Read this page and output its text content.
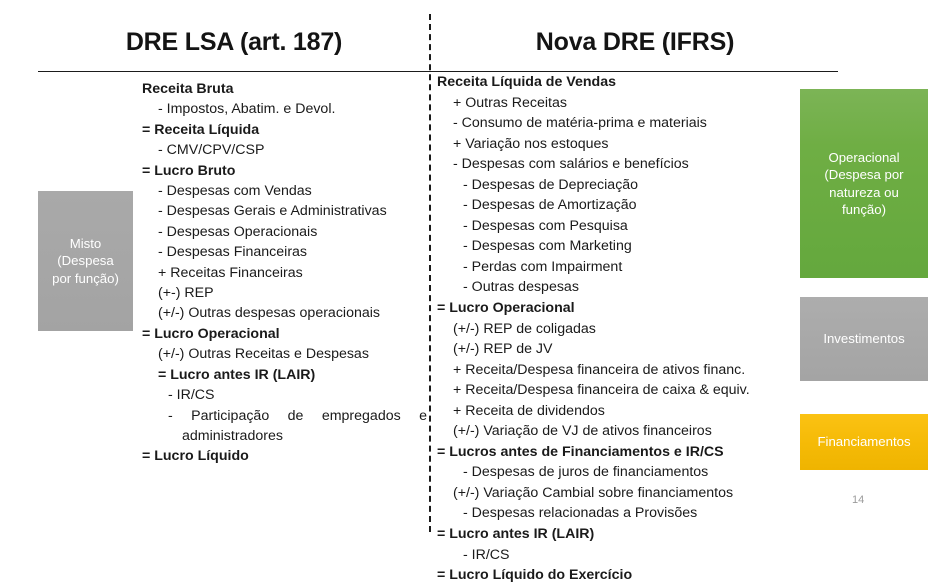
DRE LSA (art. 187)	Nova DRE (IFRS)
Receita Bruta
- Impostos, Abatim. e Devol.
= Receita Líquida
- CMV/CPV/CSP
= Lucro Bruto
- Despesas com Vendas
- Despesas Gerais e Administrativas
- Despesas Operacionais
- Despesas Financeiras
+ Receitas Financeiras
(+-) REP
(+/-) Outras despesas operacionais
= Lucro Operacional
(+/-) Outras Receitas e Despesas
= Lucro antes IR (LAIR)
- IR/CS
- Participação de empregados e administradores
= Lucro Líquido
Receita Líquida de Vendas
+ Outras Receitas
- Consumo de matéria-prima e materiais
+ Variação nos estoques
- Despesas com salários e benefícios
- Despesas de Depreciação
- Despesas de Amortização
- Despesas com Pesquisa
- Despesas com Marketing
- Perdas com Impairment
- Outras despesas
= Lucro Operacional
(+/-) REP de coligadas
(+/-) REP de JV
+ Receita/Despesa financeira de ativos financ.
+ Receita/Despesa financeira de caixa & equiv.
+ Receita de dividendos
(+/-) Variação de VJ de ativos financeiros
= Lucros antes de Financiamentos e IR/CS
- Despesas de juros de financiamentos
(+/-) Variação Cambial sobre financiamentos
- Despesas relacionadas a Provisões
= Lucro antes IR (LAIR)
- IR/CS
= Lucro Líquido do Exercício
Misto
(Despesa
por função)
Operacional
(Despesa por
natureza ou
função)
Investimentos
Financiamentos
14
